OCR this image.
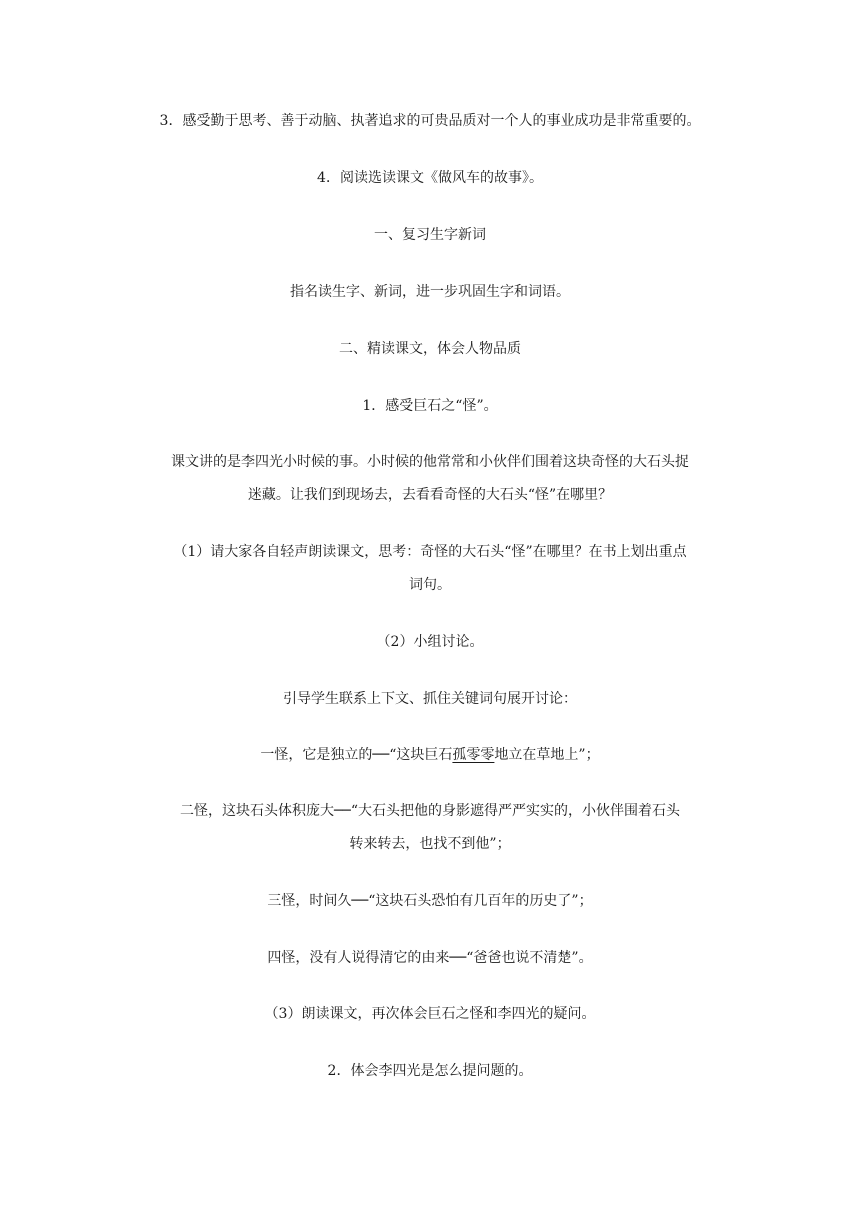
3．感受勤于思考、善于动脑、执著追求的可贵品质对一个人的事业成功是非常重要的。
4．阅读选读课文《做风车的故事》。
一、复习生字新词
指名读生字、新词，进一步巩固生字和词语。
二、精读课文，体会人物品质
1．感受巨石之“怪”。
课文讲的是李四光小时候的事。小时候的他常常和小伙伴们围着这块奇怪的大石头捉
迷藏。让我们到现场去，去看看奇怪的大石头“怪”在哪里？
（1）请大家各自轻声朗读课文，思考：奇怪的大石头“怪”在哪里？在书上划出重点
词句。
（2）小组讨论。
引导学生联系上下文、抓住关键词句展开讨论：
一怪，它是独立的──“这块巨石孤零零地立在草地上”；
二怪，这块石头体积庞大──“大石头把他的身影遮得严严实实的，小伙伴围着石头
转来转去，也找不到他”；
三怪，时间久──“这块石头恐怕有几百年的历史了”；
四怪，没有人说得清它的由来──“爸爸也说不清楚”。
（3）朗读课文，再次体会巨石之怪和李四光的疑问。
2．体会李四光是怎么提问题的。
